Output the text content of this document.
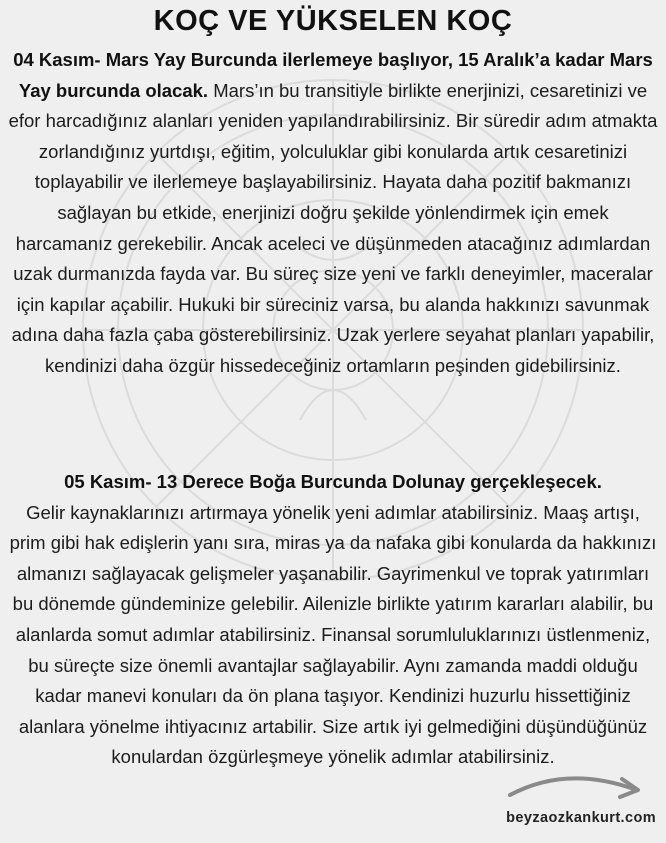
KOÇ VE YÜKSELEN KOÇ
04 Kasım- Mars Yay Burcunda ilerlemeye başlıyor, 15 Aralık’a kadar Mars Yay burcunda olacak. Mars’ın bu transitiyle birlikte enerjinizi, cesaretinizi ve efor harcadığınız alanları yeniden yapılandırabilirsiniz. Bir süredir adım atmakta zorlandığınız yurtdışı, eğitim, yolculuklar gibi konularda artık cesaretinizi toplayabilir ve ilerlemeye başlayabilirsiniz. Hayata daha pozitif bakmanızı sağlayan bu etkide, enerjinizi doğru şekilde yönlendirmek için emek harcamanız gerekebilir. Ancak aceleci ve düşünmeden atacağınız adımlardan uzak durmanızda fayda var. Bu süreç size yeni ve farklı deneyimler, maceralar için kapılar açabilir. Hukuki bir süreciniz varsa, bu alanda hakkınızı savunmak adına daha fazla çaba gösterebilirsiniz. Uzak yerlere seyahat planları yapabilir, kendinizi daha özgür hissedeceğiniz ortamların peşinden gidebilirsiniz.
05 Kasım- 13 Derece Boğa Burcunda Dolunay gerçekleşecek.
Gelir kaynaklarınızı artırmaya yönelik yeni adımlar atabilirsiniz. Maaş artışı, prim gibi hak edişlerin yanı sıra, miras ya da nafaka gibi konularda da hakkınızı almanızı sağlayacak gelişmeler yaşanabilir. Gayrimenkul ve toprak yatırımları bu dönemde gündeminize gelebilir. Ailenizle birlikte yatırım kararları alabilir, bu alanlarda somut adımlar atabilirsiniz. Finansal sorumluluklarınızı üstlenmeniz, bu süreçte size önemli avantajlar sağlayabilir. Aynı zamanda maddi olduğu kadar manevi konuları da ön plana taşıyor. Kendinizi huzurlu hissettiğiniz alanlara yönelme ihtiyacınız artabilir. Size artık iyi gelmediğini düşündüğünüz konulardan özgürleşmeye yönelik adımlar atabilirsiniz.
beyzaozkankurt.com
